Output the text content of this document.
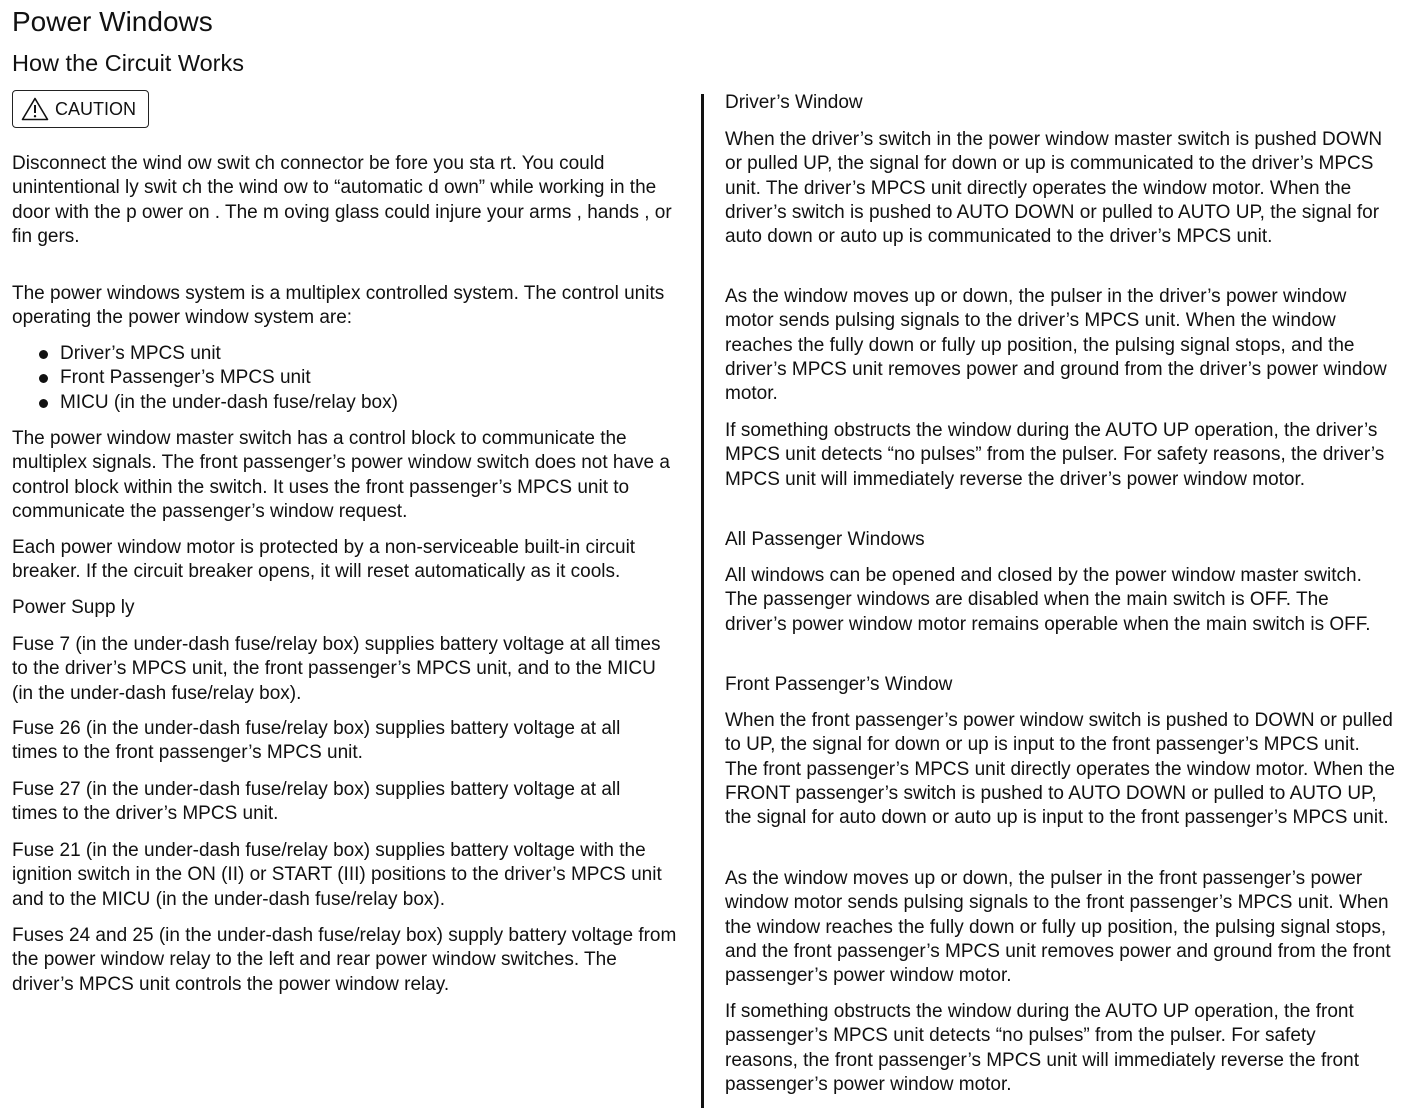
Power Windows
How the Circuit Works
CAUTION

Disconnect the wind ow swit ch connector be fore you sta rt. You could unintentional ly swit ch the wind ow to “automatic d own” while working in the door with the p ower on . The m oving glass could injure your arms , hands , or fin gers.

The power windows system is a multiplex controlled system. The control units operating the power window system are:

Driver’s MPCS unit
Front Passenger’s MPCS unit
MICU (in the under-dash fuse/relay box)

The power window master switch has a control block to communicate the multiplex signals. The front passenger’s power window switch does not have a control block within the switch. It uses the front passenger’s MPCS unit to communicate the passenger’s window request.

Each power window motor is protected by a non-serviceable built-in circuit breaker. If the circuit breaker opens, it will reset automatically as it cools.

Power Supp ly

Fuse 7 (in the under-dash fuse/relay box) supplies battery voltage at all times to the driver’s MPCS unit, the front passenger’s MPCS unit, and to the MICU (in the under-dash fuse/relay box).

Fuse 26 (in the under-dash fuse/relay box) supplies battery voltage at all times to the front passenger’s MPCS unit.

Fuse 27 (in the under-dash fuse/relay box) supplies battery voltage at all times to the driver’s MPCS unit.

Fuse 21 (in the under-dash fuse/relay box) supplies battery voltage with the ignition switch in the ON (II) or START (III) positions to the driver’s MPCS unit and to the MICU (in the under-dash fuse/relay box).

Fuses 24 and 25 (in the under-dash fuse/relay box) supply battery voltage from the power window relay to the left and rear power window switches. The driver’s MPCS unit controls the power window relay.

Driver’s Window

When the driver’s switch in the power window master switch is pushed DOWN or pulled UP, the signal for down or up is communicated to the driver’s MPCS unit. The driver’s MPCS unit directly operates the window motor. When the driver’s switch is pushed to AUTO DOWN or pulled to AUTO UP, the signal for auto down or auto up is communicated to the driver’s MPCS unit.

As the window moves up or down, the pulser in the driver’s power window motor sends pulsing signals to the driver’s MPCS unit. When the window reaches the fully down or fully up position, the pulsing signal stops, and the driver’s MPCS unit removes power and ground from the driver’s power window motor.

If something obstructs the window during the AUTO UP operation, the driver’s MPCS unit detects “no pulses” from the pulser. For safety reasons, the driver’s MPCS unit will immediately reverse the driver’s power window motor.

All Passenger Windows

All windows can be opened and closed by the power window master switch. The passenger windows are disabled when the main switch is OFF. The driver’s power window motor remains operable when the main switch is OFF.

Front Passenger’s Window

When the front passenger’s power window switch is pushed to DOWN or pulled to UP, the signal for down or up is input to the front passenger’s MPCS unit. The front passenger’s MPCS unit directly operates the window motor. When the FRONT passenger’s switch is pushed to AUTO DOWN or pulled to AUTO UP, the signal for auto down or auto up is input to the front passenger’s MPCS unit.

As the window moves up or down, the pulser in the front passenger’s power window motor sends pulsing signals to the front passenger’s MPCS unit. When the window reaches the fully down or fully up position, the pulsing signal stops, and the front passenger’s MPCS unit removes power and ground from the front passenger’s power window motor.

If something obstructs the window during the AUTO UP operation, the front passenger’s MPCS unit detects “no pulses” from the pulser. For safety reasons, the front passenger’s MPCS unit will immediately reverse the front passenger’s power window motor.
